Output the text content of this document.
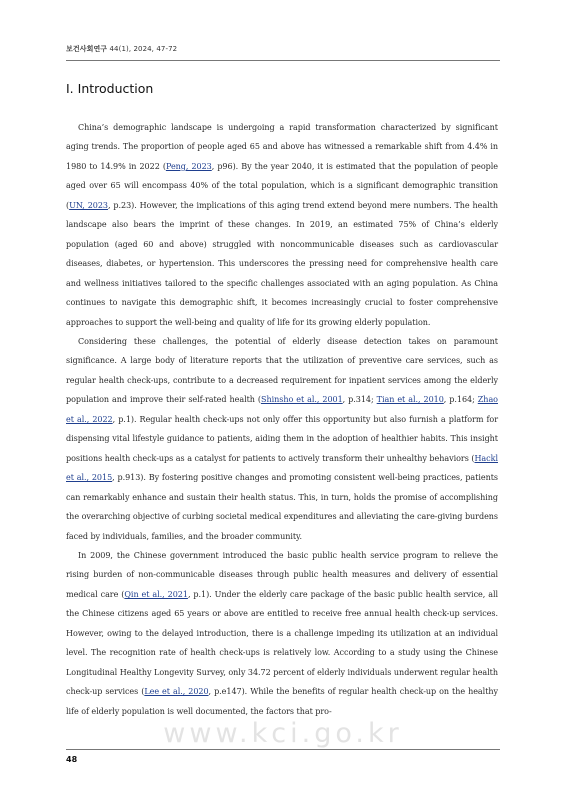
보건사회연구 44(1), 2024, 47-72
Ⅰ. Introduction

China’s demographic landscape is undergoing a rapid transformation characterized by significant aging trends. The proportion of people aged 65 and above has witnessed a remarkable shift from 4.4% in 1980 to 14.9% in 2022 (Peng, 2023, p96). By the year 2040, it is estimated that the population of people aged over 65 will encompass 40% of the total population, which is a significant demographic transition (UN, 2023, p.23). However, the implications of this aging trend extend beyond mere numbers. The health landscape also bears the imprint of these changes. In 2019, an estimated 75% of China’s elderly population (aged 60 and above) struggled with noncommunicable diseases such as cardiovascular diseases, diabetes, or hypertension. This underscores the pressing need for comprehensive health care and wellness initiatives tailored to the specific challenges associated with an aging population. As China continues to navigate this demographic shift, it becomes increasingly crucial to foster comprehensive approaches to support the well-being and quality of life for its growing elderly population.

Considering these challenges, the potential of elderly disease detection takes on paramount significance. A large body of literature reports that the utilization of preventive care services, such as regular health check-ups, contribute to a decreased requirement for inpatient services among the elderly population and improve their self-rated health (Shinsho et al., 2001, p.314; Tian et al., 2010, p.164; Zhao et al., 2022, p.1). Regular health check-ups not only offer this opportunity but also furnish a platform for dispensing vital lifestyle guidance to patients, aiding them in the adoption of healthier habits. This insight positions health check-ups as a catalyst for patients to actively transform their unhealthy behaviors (Hackl et al., 2015, p.913). By fostering positive changes and promoting consistent well-being practices, patients can remarkably enhance and sustain their health status. This, in turn, holds the promise of accomplishing the overarching objective of curbing societal medical expenditures and alleviating the care-giving burdens faced by individuals, families, and the broader community.

In 2009, the Chinese government introduced the basic public health service program to relieve the rising burden of non-communicable diseases through public health measures and delivery of essential medical care (Qin et al., 2021, p.1). Under the elderly care package of the basic public health service, all the Chinese citizens aged 65 years or above are entitled to receive free annual health check-up services. However, owing to the delayed introduction, there is a challenge impeding its utilization at an individual level. The recognition rate of health check-ups is relatively low. According to a study using the Chinese Longitudinal Healthy Longevity Survey, only 34.72 percent of elderly individuals underwent regular health check-up services (Lee et al., 2020, p.e147). While the benefits of regular health check-up on the healthy life of elderly population is well documented, the factors that pro-

www.kci.go.kr
48
